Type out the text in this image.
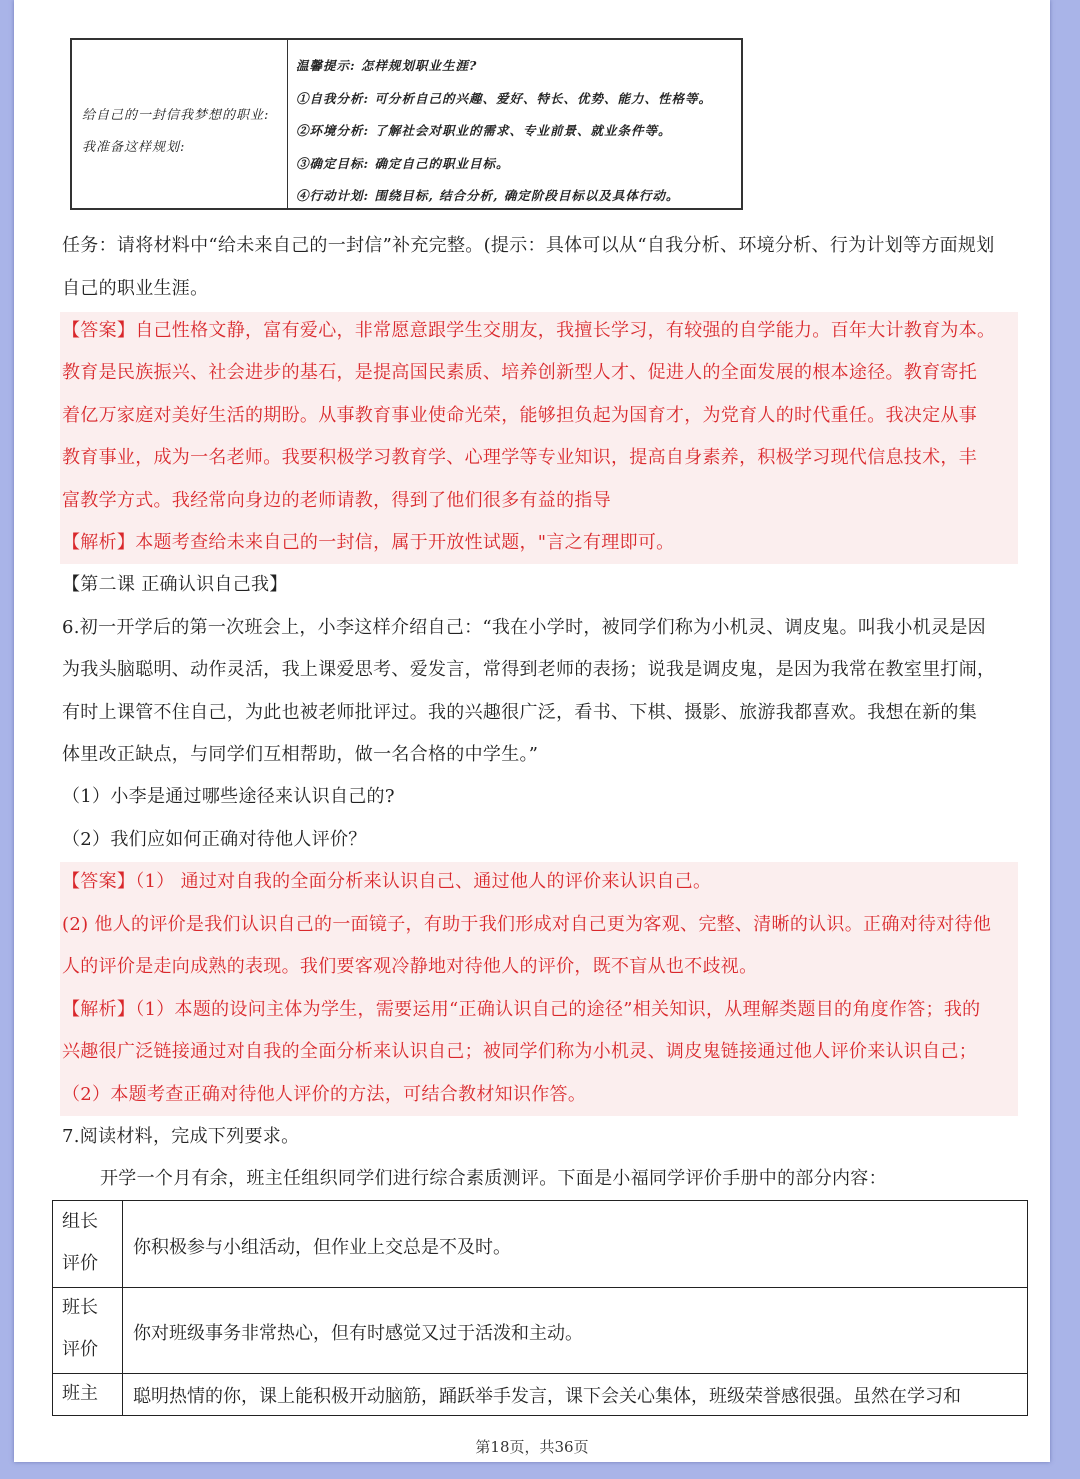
给自己的一封信我梦想的职业:
我准备这样规划:
温馨提示: 怎样规划职业生涯?
①自我分析: 可分析自己的兴趣、爱好、特长、优势、能力、性格等。
②环境分析: 了解社会对职业的需求、专业前景、就业条件等。
③确定目标: 确定自己的职业目标。
④行动计划: 围绕目标, 结合分析, 确定阶段目标以及具体行动。
任务：请将材料中“给未来自己的一封信”补充完整。(提示：具体可以从“自我分析、环境分析、行为计划等方面规划
自己的职业生涯。
【答案】自己性格文静，富有爱心，非常愿意跟学生交朋友，我擅长学习，有较强的自学能力。百年大计教育为本。
教育是民族振兴、社会进步的基石，是提高国民素质、培养创新型人才、促进人的全面发展的根本途径。教育寄托
着亿万家庭对美好生活的期盼。从事教育事业使命光荣，能够担负起为国育才，为党育人的时代重任。我决定从事
教育事业，成为一名老师。我要积极学习教育学、心理学等专业知识，提高自身素养，积极学习现代信息技术，丰
富教学方式。我经常向身边的老师请教，得到了他们很多有益的指导
【解析】本题考查给未来自己的一封信，属于开放性试题，"言之有理即可。
【第二课 正确认识自己我】
6.初一开学后的第一次班会上，小李这样介绍自己：“我在小学时，被同学们称为小机灵、调皮鬼。叫我小机灵是因
为我头脑聪明、动作灵活，我上课爱思考、爱发言，常得到老师的表扬；说我是调皮鬼，是因为我常在教室里打闹，
有时上课管不住自己，为此也被老师批评过。我的兴趣很广泛，看书、下棋、摄影、旅游我都喜欢。我想在新的集
体里改正缺点，与同学们互相帮助，做一名合格的中学生。”
（1）小李是通过哪些途径来认识自己的?
（2）我们应如何正确对待他人评价？
【答案】（1） 通过对自我的全面分析来认识自己、通过他人的评价来认识自己。
(2) 他人的评价是我们认识自己的一面镜子，有助于我们形成对自己更为客观、完整、清晰的认识。正确对待对待他
人的评价是走向成熟的表现。我们要客观冷静地对待他人的评价，既不盲从也不歧视。
【解析】（1）本题的设问主体为学生，需要运用“正确认识自己的途径”相关知识，从理解类题目的角度作答；我的
兴趣很广泛链接通过对自我的全面分析来认识自己；被同学们称为小机灵、调皮鬼链接通过他人评价来认识自己；
（2）本题考查正确对待他人评价的方法，可结合教材知识作答。
7.阅读材料，完成下列要求。
开学一个月有余，班主任组织同学们进行综合素质测评。下面是小福同学评价手册中的部分内容：
组长
评价
你积极参与小组活动，但作业上交总是不及时。
班长
评价
你对班级事务非常热心，但有时感觉又过于活泼和主动。
班主	聪明热情的你，课上能积极开动脑筋，踊跃举手发言，课下会关心集体，班级荣誉感很强。虽然在学习和
第18页，共36页
